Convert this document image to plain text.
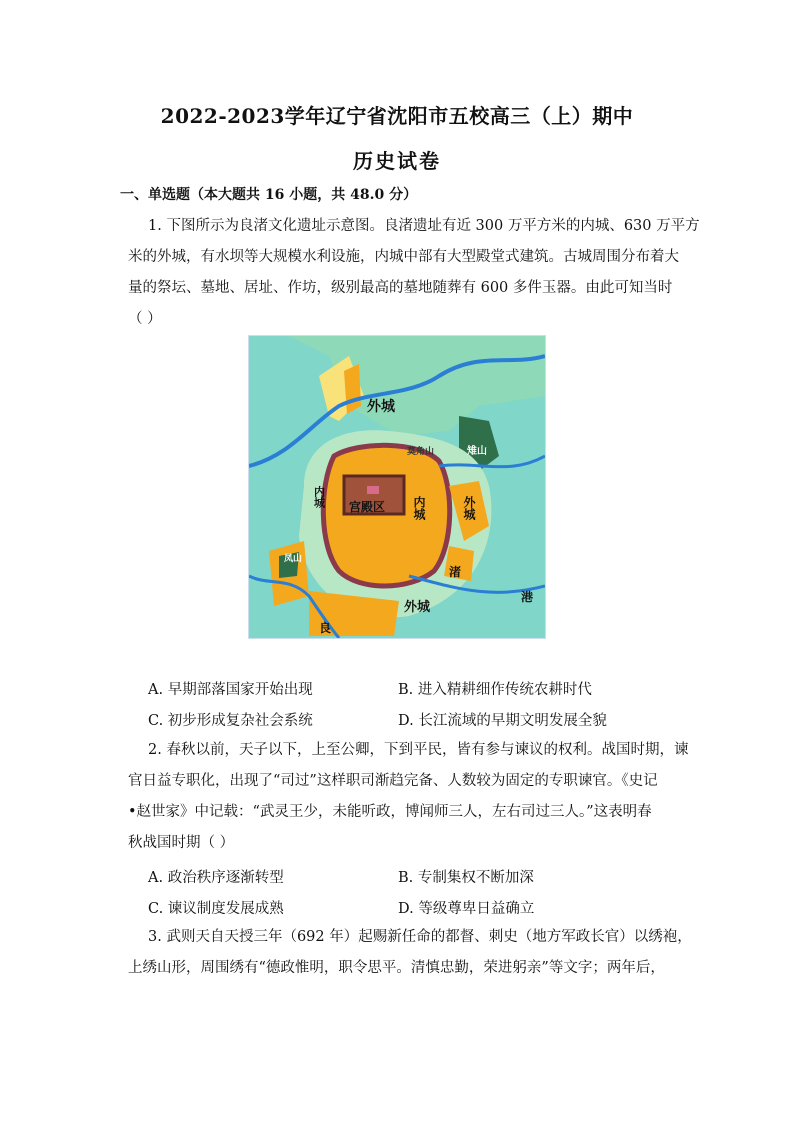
2022-2023学年辽宁省沈阳市五校高三（上）期中
历史试卷
一、单选题（本大题共 16 小题，共 48.0 分）
1. 下图所示为良渚文化遗址示意图。良渚遗址有近 300 万平方米的内城、630 万平方
米的外城，有水坝等大规模水利设施，内城中部有大型殿堂式建筑。古城周围分布着大
量的祭坛、墓地、居址、作坊，级别最高的墓地随葬有 600 多件玉器。由此可知当时
（ ）
外城
莫角山	雉山
内城 宫殿区 内城	外城
凤山
渚
外城
港
良
A. 早期部落国家开始出现	B. 进入精耕细作传统农耕时代
C. 初步形成复杂社会系统	D. 长江流域的早期文明发展全貌
2. 春秋以前，天子以下，上至公卿，下到平民，皆有参与谏议的权利。战国时期，谏
官日益专职化，出现了“司过”这样职司渐趋完备、人数较为固定的专职谏官。《史记
•赵世家》中记载：“武灵王少，未能听政，博闻师三人，左右司过三人。”这表明春
秋战国时期（ ）
A. 政治秩序逐渐转型	B. 专制集权不断加深
C. 谏议制度发展成熟	D. 等级尊卑日益确立
3. 武则天自天授三年（692 年）起赐新任命的都督、刺史（地方军政长官）以绣袍，
上绣山形，周围绣有“德政惟明，职令思平。清慎忠勤，荣进躬亲”等文字；两年后，
